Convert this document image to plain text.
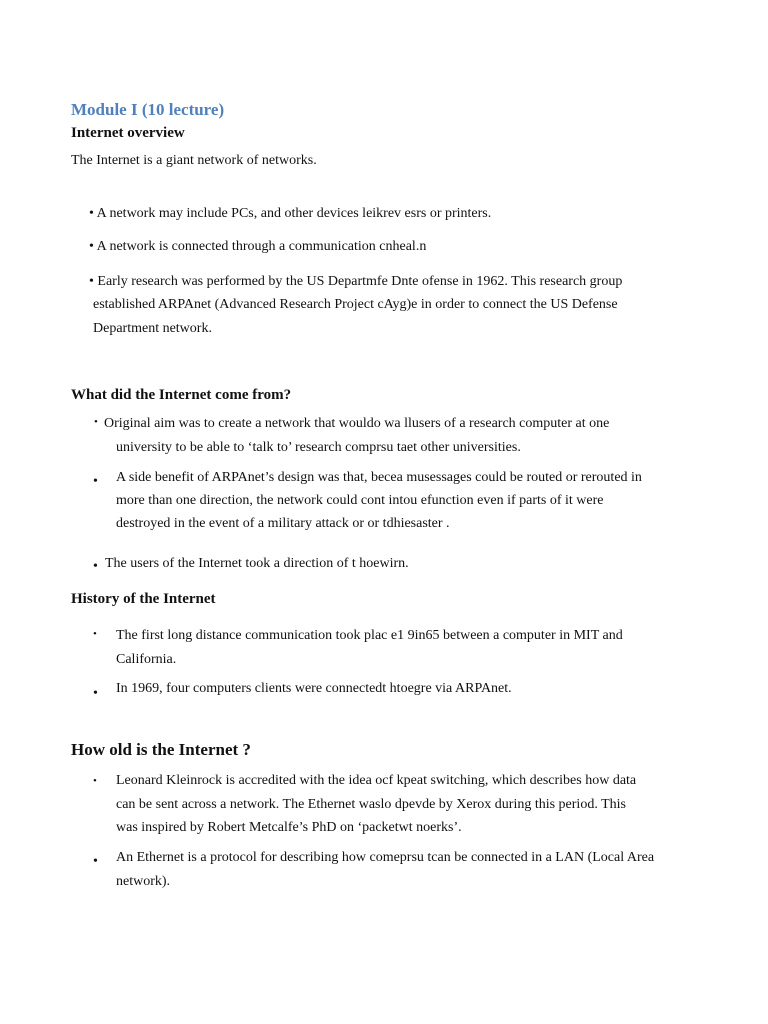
Module I (10 lecture)
Internet overview
The Internet is a giant network of networks.
• A network may include PCs, and other devices leikrev esrs or printers.
• A network is connected through a communication cnheal.n
• Early research was performed by the US Departmfe Dnte ofense in 1962. This research group
established ARPAnet (Advanced Research Project cAyg)e in order to connect the US Defense
Department network.
What did the Internet come from?
• Original aim was to create a network that wouldo wa llusers of a research computer at one
university to be able to ‘talk to’ research comprsu taet other universities.
• A side benefit of ARPAnet’s design was that, becea musessages could be routed or rerouted in
more than one direction, the network could cont intou efunction even if parts of it were
destroyed in the event of a military attack or or tdhiesaster .
• The users of the Internet took a direction of t hoewirn.
History of the Internet
• The first long distance communication took plac e1 9in65 between a computer in MIT and
California.
• In 1969, four computers clients were connectedt htoegre via ARPAnet.
How old is the Internet ?
• Leonard Kleinrock is accredited with the idea ocf kpeat switching, which describes how data
can be sent across a network. The Ethernet waslo dpevde by Xerox during this period. This
was inspired by Robert Metcalfe’s PhD on ‘packetwt noerks’.
• An Ethernet is a protocol for describing how comeprsu tcan be connected in a LAN (Local Area
network).
